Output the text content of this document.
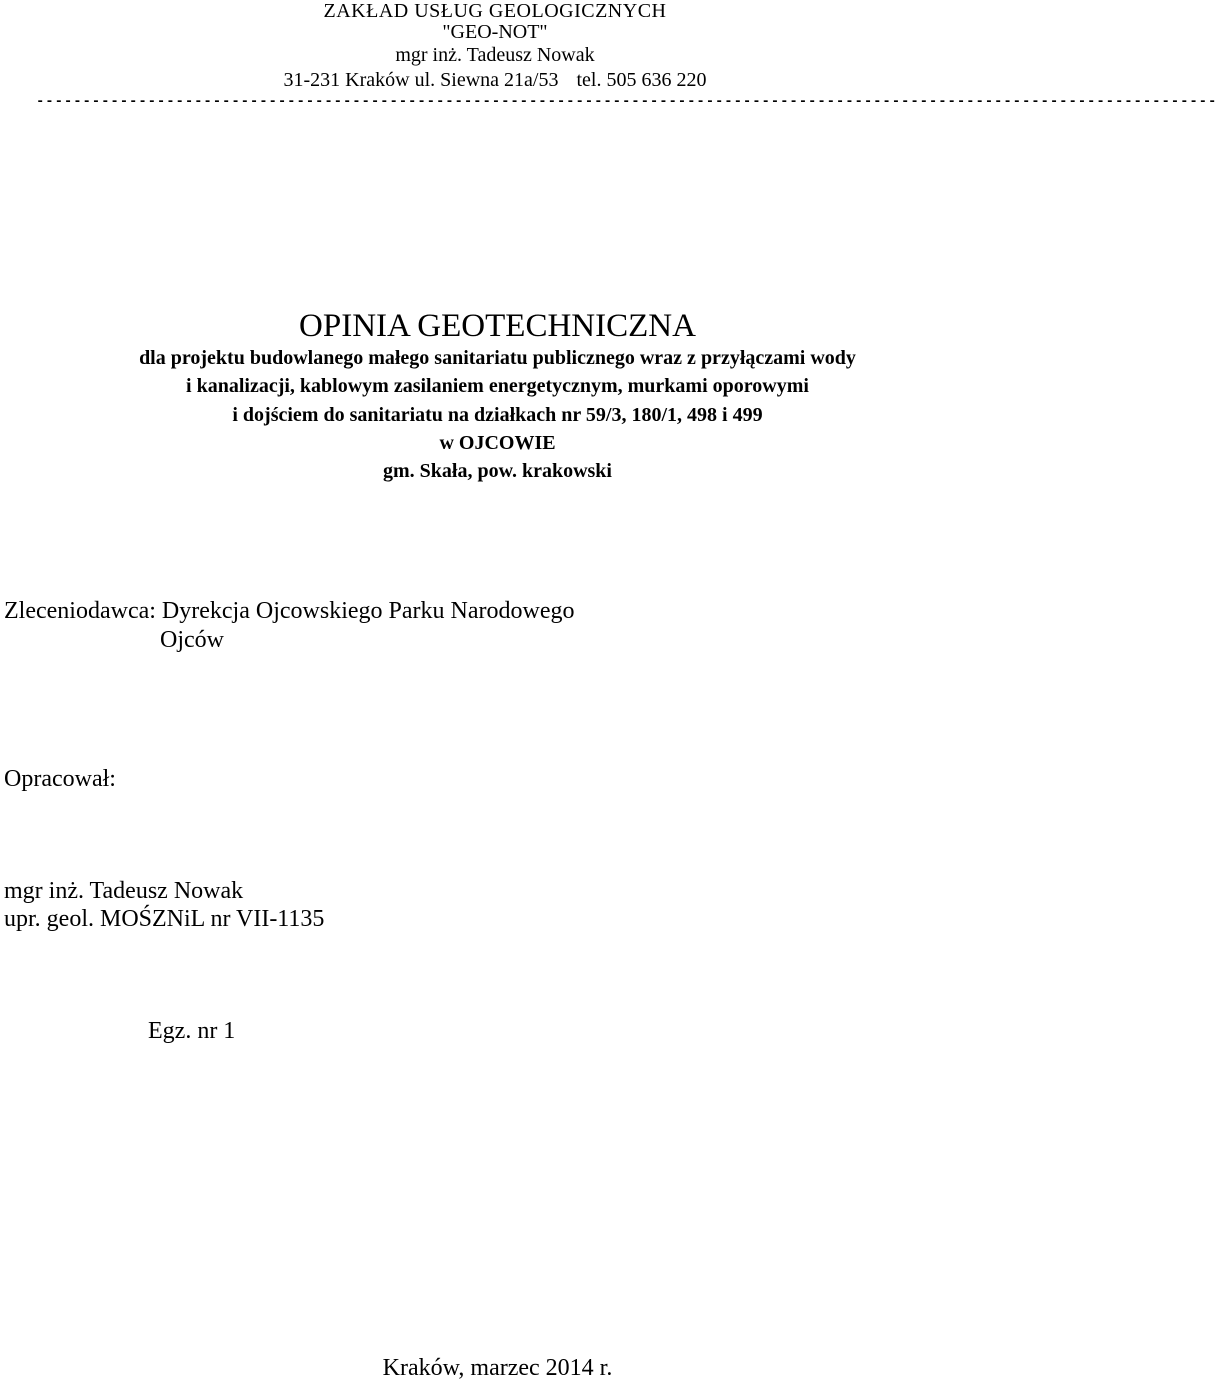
ZAKŁAD USŁUG GEOLOGICZNYCH
"GEO-NOT"
mgr inż. Tadeusz Nowak
31-231 Kraków ul. Siewna 21a/53 tel. 505 636 220
-------------------------------------------------------------------------------------------------------------------------------
OPINIA GEOTECHNICZNA
dla projektu budowlanego małego sanitariatu publicznego wraz z przyłączami wody
i kanalizacji, kablowym zasilaniem energetycznym, murkami oporowymi
i dojściem do sanitariatu na działkach nr 59/3, 180/1, 498 i 499
w OJCOWIE
gm. Skała, pow. krakowski
Zleceniodawca: Dyrekcja Ojcowskiego Parku Narodowego
Ojców
Opracował:
mgr inż. Tadeusz Nowak
upr. geol. MOŚZNiL nr VII-1135
Egz. nr 1
Kraków, marzec 2014 r.
